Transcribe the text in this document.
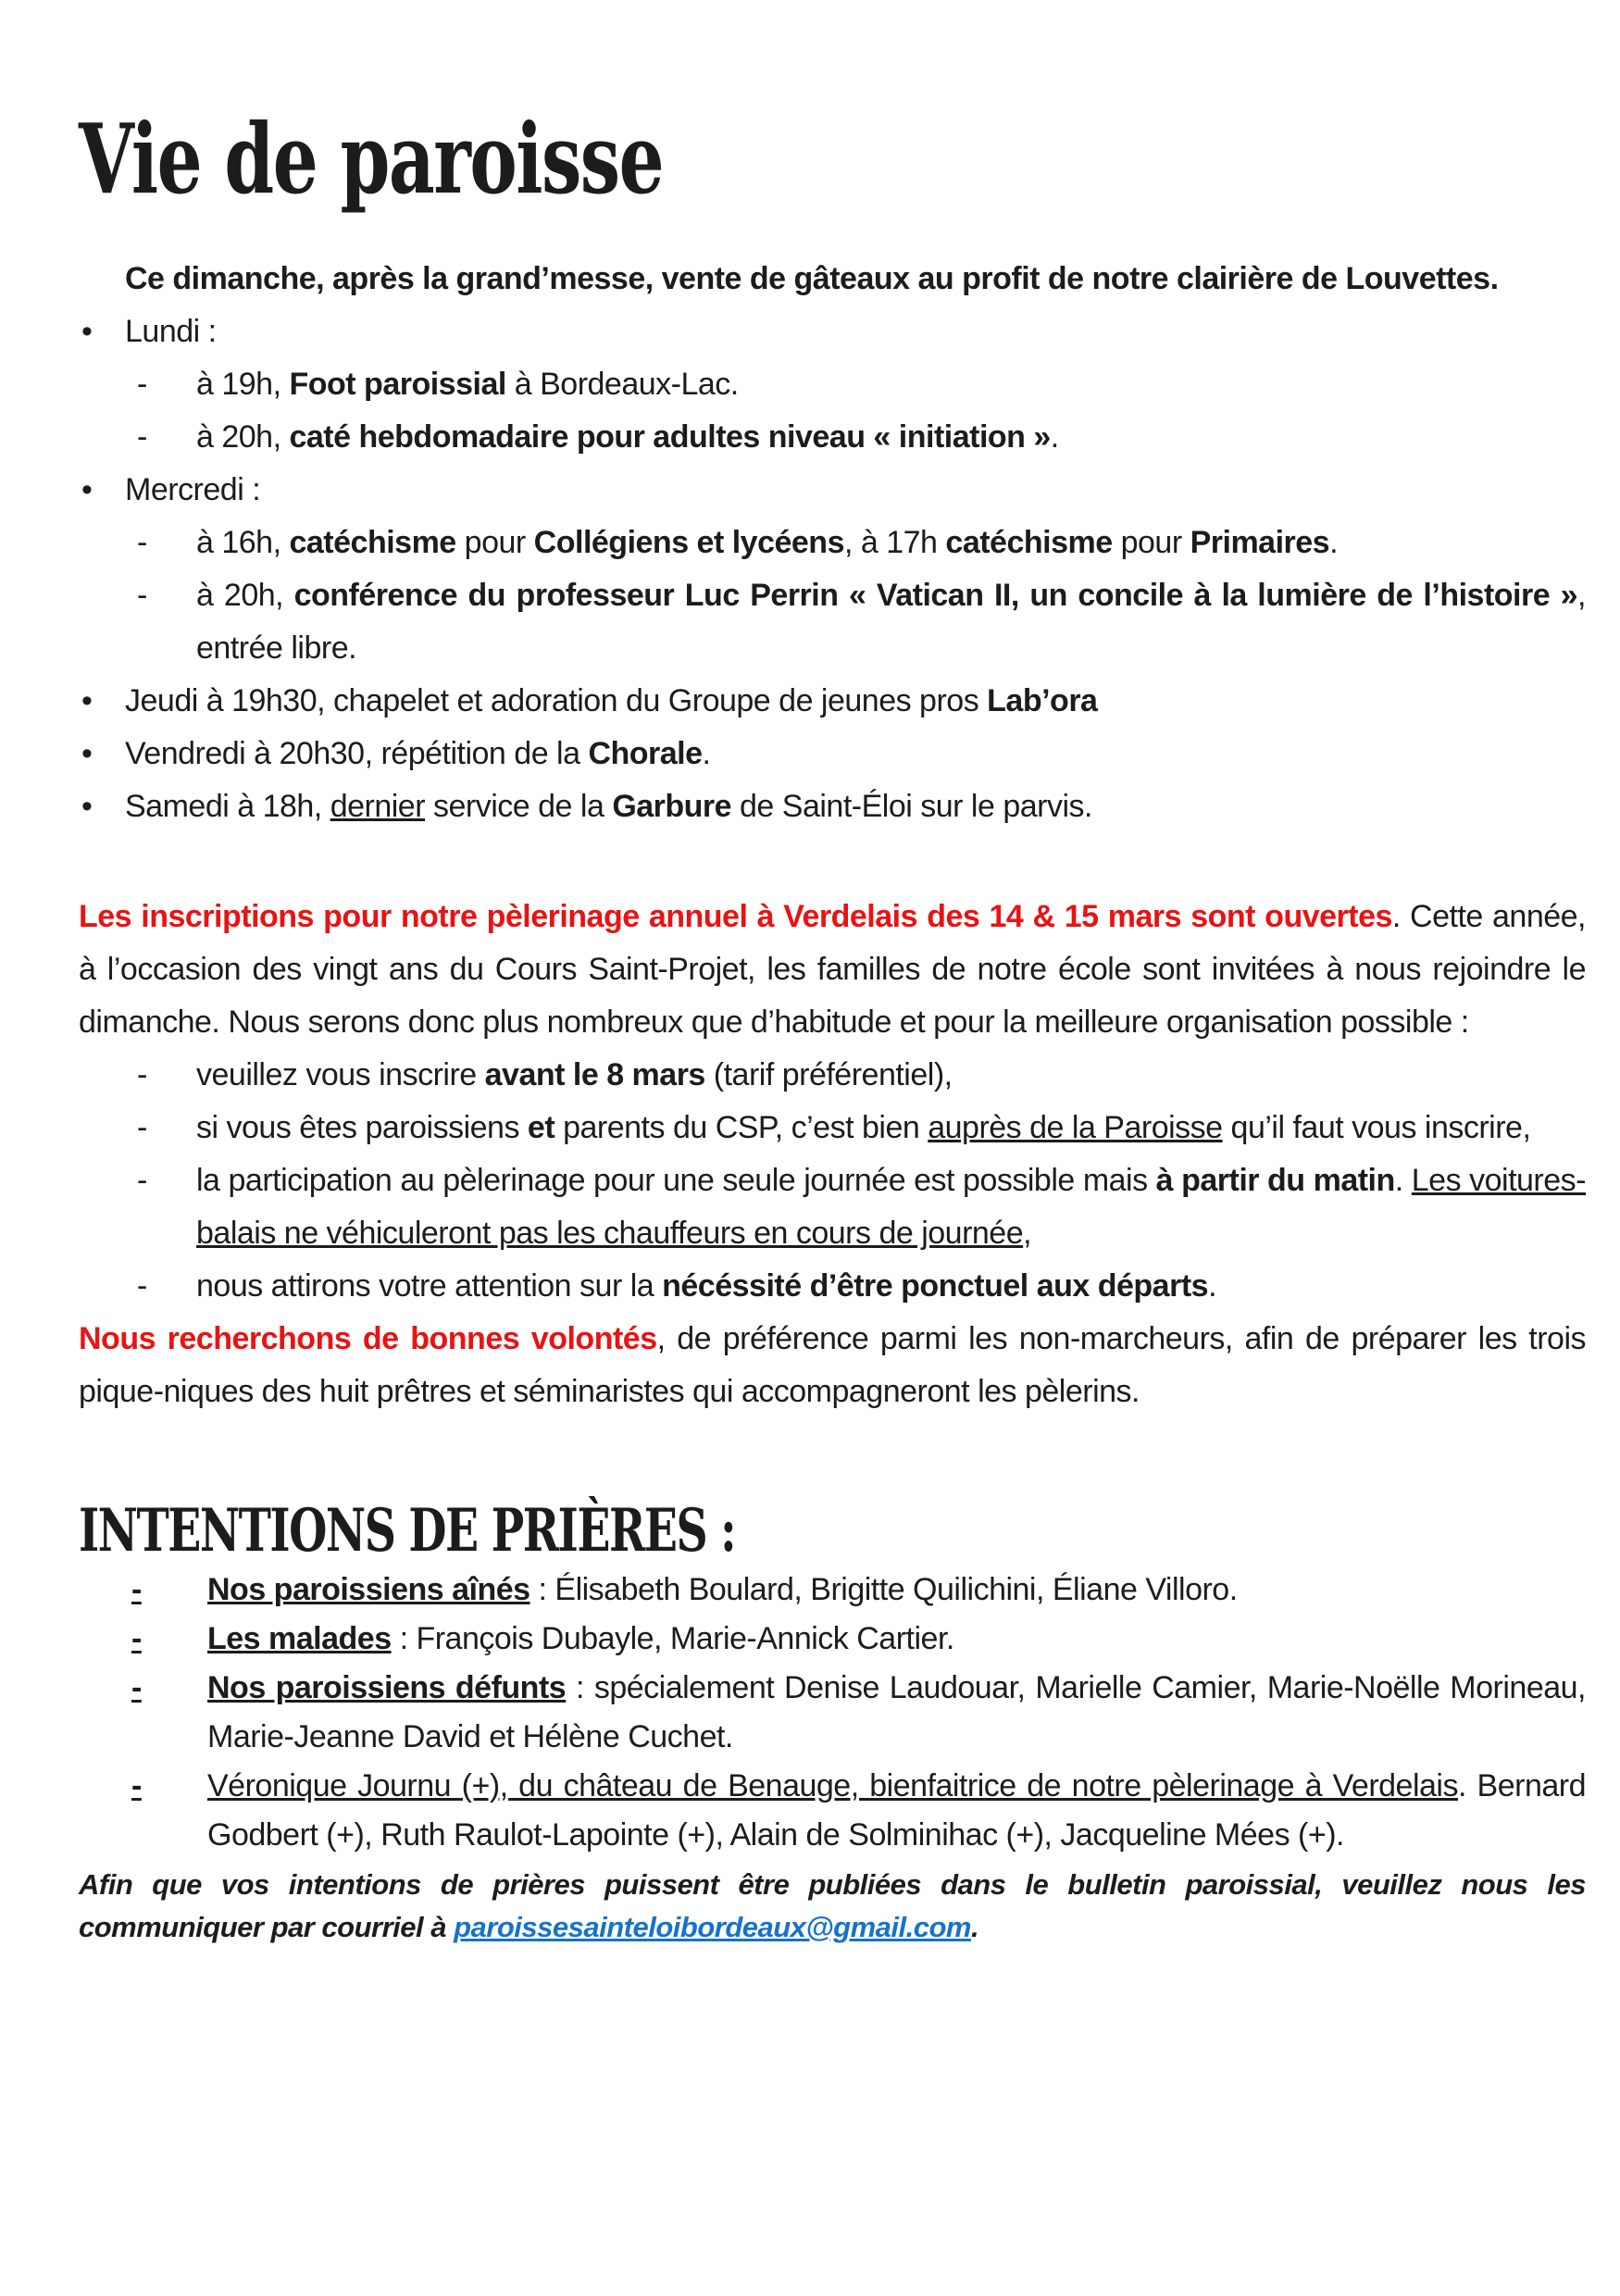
Vie de paroisse

Ce dimanche, après la grand’messe, vente de gâteaux au profit de notre clairière de Louvettes.

• Lundi :
- à 19h, Foot paroissial à Bordeaux-Lac.
- à 20h, caté hebdomadaire pour adultes niveau « initiation ».
• Mercredi :
- à 16h, catéchisme pour Collégiens et lycéens, à 17h catéchisme pour Primaires.
- à 20h, conférence du professeur Luc Perrin « Vatican II, un concile à la lumière de l’histoire », entrée libre.
• Jeudi à 19h30, chapelet et adoration du Groupe de jeunes pros Lab’ora
• Vendredi à 20h30, répétition de la Chorale.
• Samedi à 18h, dernier service de la Garbure de Saint-Éloi sur le parvis.

Les inscriptions pour notre pèlerinage annuel à Verdelais des 14 & 15 mars sont ouvertes. Cette année, à l’occasion des vingt ans du Cours Saint-Projet, les familles de notre école sont invitées à nous rejoindre le dimanche. Nous serons donc plus nombreux que d’habitude et pour la meilleure organisation possible :

- veuillez vous inscrire avant le 8 mars (tarif préférentiel),
- si vous êtes paroissiens et parents du CSP, c’est bien auprès de la Paroisse qu’il faut vous inscrire,
- la participation au pèlerinage pour une seule journée est possible mais à partir du matin. Les voitures-balais ne véhiculeront pas les chauffeurs en cours de journée,
- nous attirons votre attention sur la nécéssité d’être ponctuel aux départs.

Nous recherchons de bonnes volontés, de préférence parmi les non-marcheurs, afin de préparer les trois pique-niques des huit prêtres et séminaristes qui accompagneront les pèlerins.

INTENTIONS DE PRIÈRES :
- Nos paroissiens aînés : Élisabeth Boulard, Brigitte Quilichini, Éliane Villoro.
- Les malades : François Dubayle, Marie-Annick Cartier.
- Nos paroissiens défunts : spécialement Denise Laudouar, Marielle Camier, Marie-Noëlle Morineau, Marie-Jeanne David et Hélène Cuchet.
- Véronique Journu (+), du château de Benauge, bienfaitrice de notre pèlerinage à Verdelais. Bernard Godbert (+), Ruth Raulot-Lapointe (+), Alain de Solminihac (+), Jacqueline Mées (+).

Afin que vos intentions de prières puissent être publiées dans le bulletin paroissial, veuillez nous les communiquer par courriel à paroissesainteloibordeaux@gmail.com.
